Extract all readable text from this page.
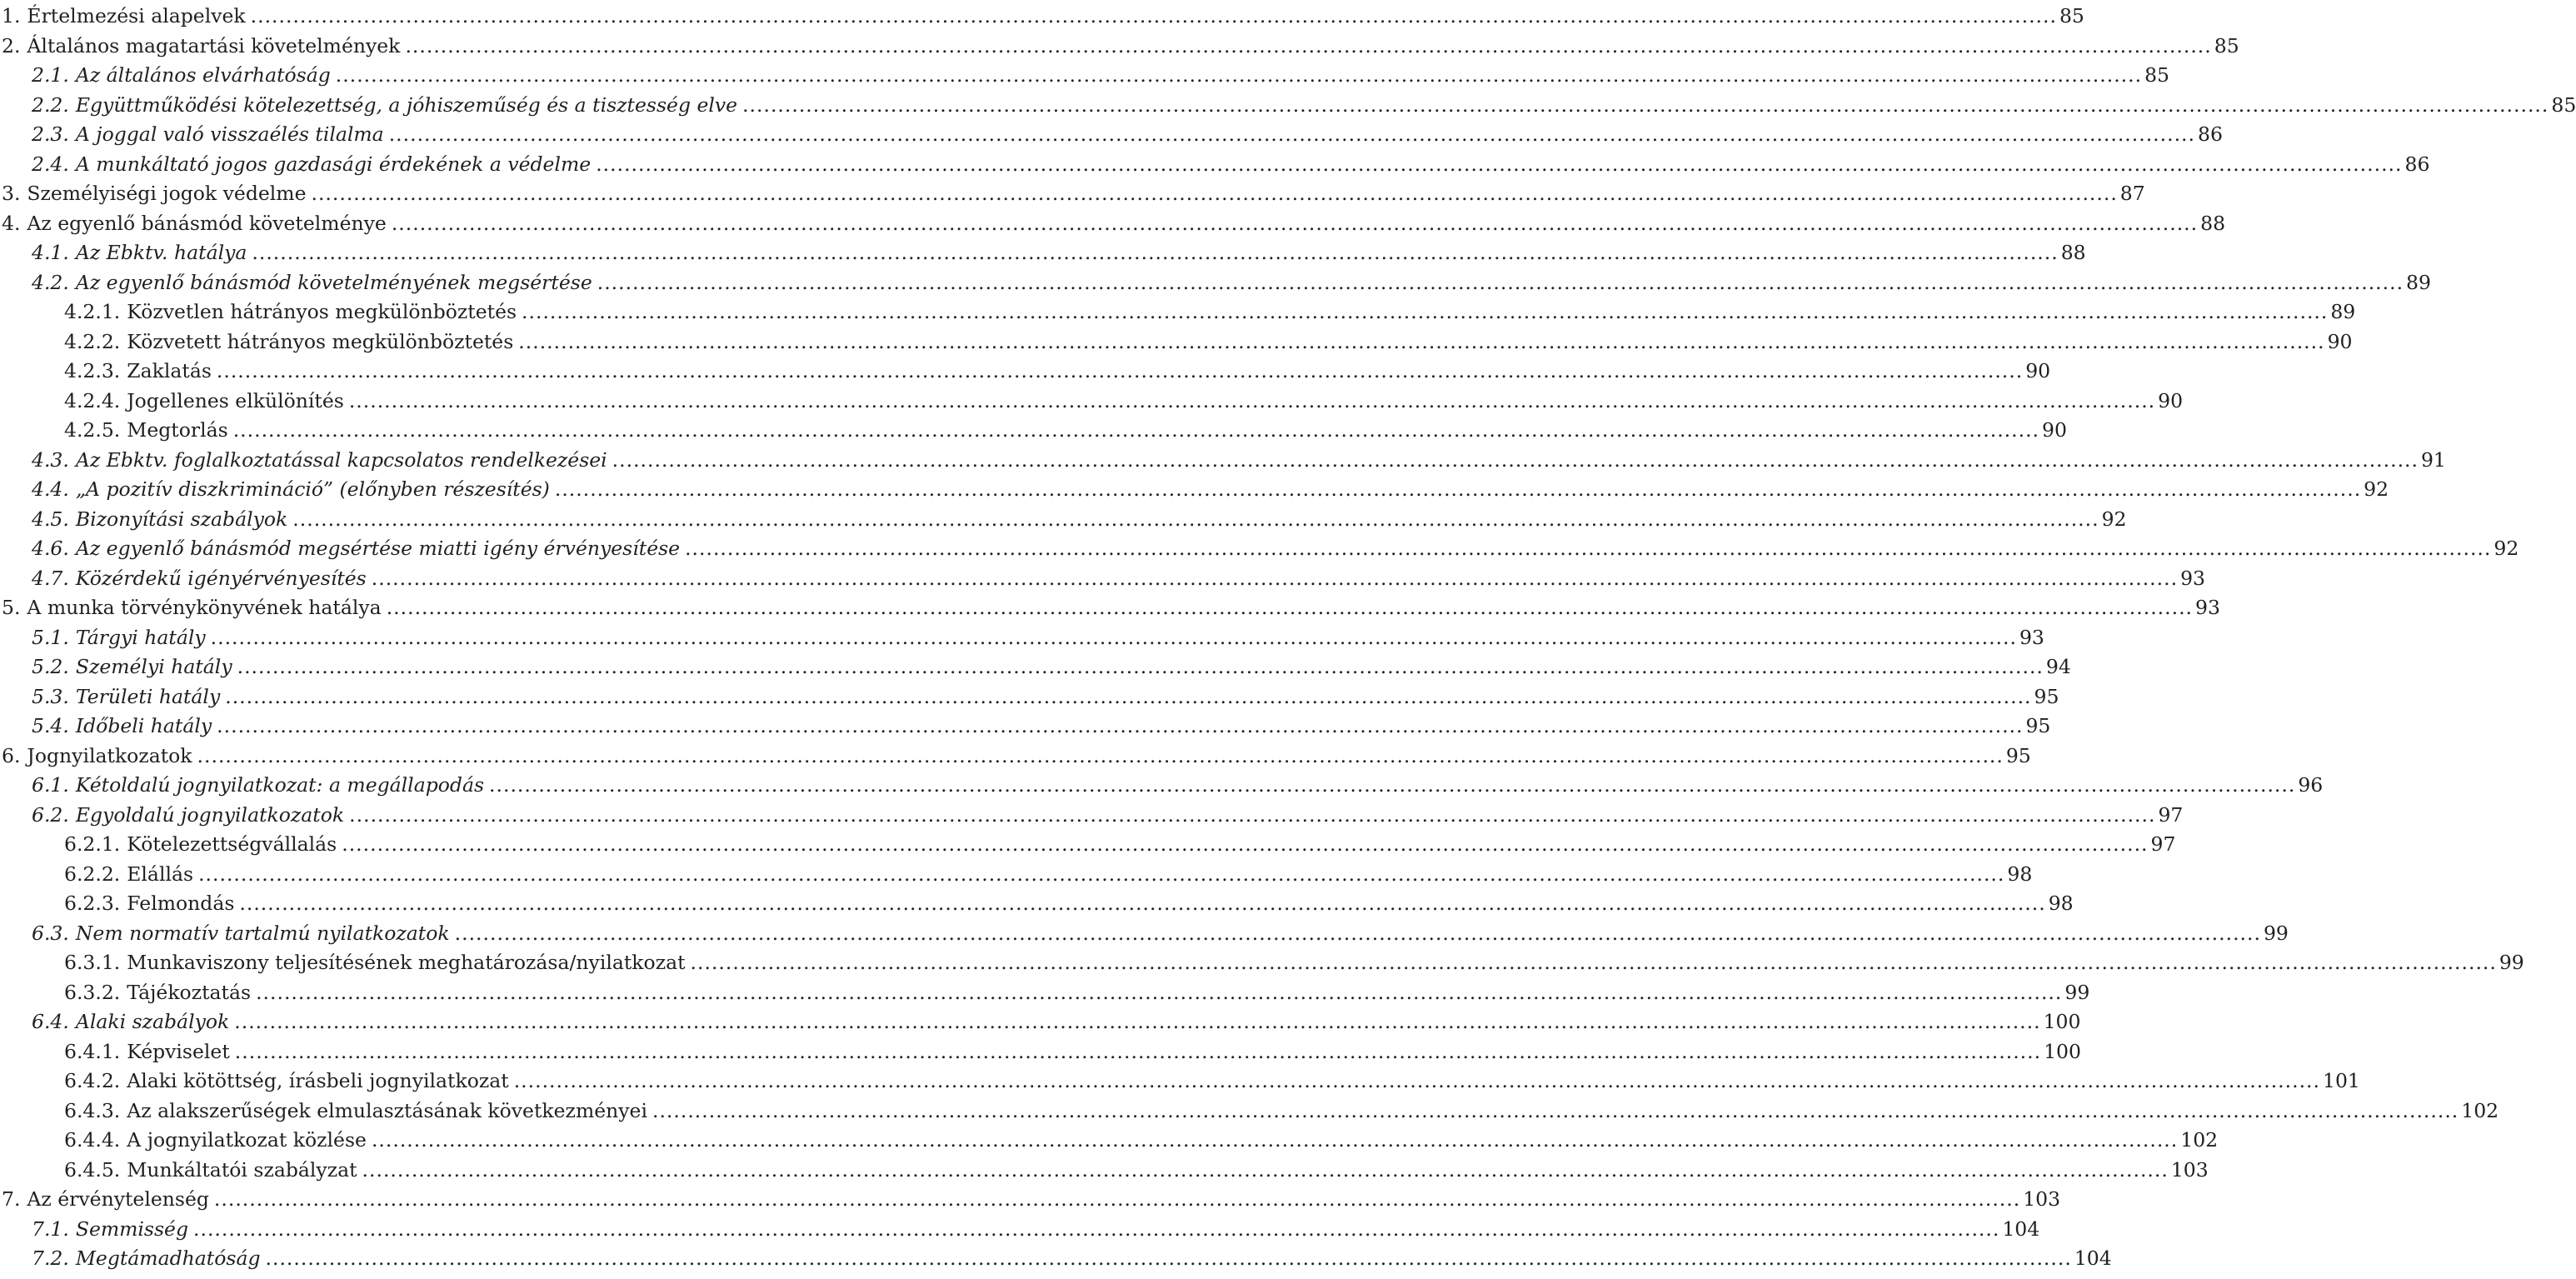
1. Értelmezési alapelvek .....	85
2. Általános magatartási követelmények .....	85
2.1. Az általános elvárhatóság .....	85
2.2. Együttműködési kötelezettség, a jóhiszeműség és a tisztesség elve .....	85
2.3. A joggal való visszaélés tilalma .....	86
2.4. A munkáltató jogos gazdasági érdekének a védelme .....	86
3. Személyiségi jogok védelme .....	87
4. Az egyenlő bánásmód követelménye .....	88
4.1. Az Ebktv. hatálya .....	88
4.2. Az egyenlő bánásmód követelményének megsértése .....	89
4.2.1. Közvetlen hátrányos megkülönböztetés .....	89
4.2.2. Közvetett hátrányos megkülönböztetés .....	90
4.2.3. Zaklatás .....	90
4.2.4. Jogellenes elkülönítés .....	90
4.2.5. Megtorlás .....	90
4.3. Az Ebktv. foglalkoztatással kapcsolatos rendelkezései .....	91
4.4. „A pozitív diszkrimináció” (előnyben részesítés) .....	92
4.5. Bizonyítási szabályok .....	92
4.6. Az egyenlő bánásmód megsértése miatti igény érvényesítése .....	92
4.7. Közérdekű igényérvényesítés .....	93
5. A munka törvénykönyvének hatálya .....	93
5.1. Tárgyi hatály .....	93
5.2. Személyi hatály .....	94
5.3. Területi hatály .....	95
5.4. Időbeli hatály .....	95
6. Jognyilatkozatok .....	95
6.1. Kétoldalú jognyilatkozat: a megállapodás .....	96
6.2. Egyoldalú jognyilatkozatok .....	97
6.2.1. Kötelezettségvállalás .....	97
6.2.2. Elállás .....	98
6.2.3. Felmondás .....	98
6.3. Nem normatív tartalmú nyilatkozatok .....	99
6.3.1. Munkaviszony teljesítésének meghatározása/nyilatkozat .....	99
6.3.2. Tájékoztatás .....	99
6.4. Alaki szabályok .....	100
6.4.1. Képviselet .....	100
6.4.2. Alaki kötöttség, írásbeli jognyilatkozat .....	101
6.4.3. Az alakszerűségek elmulasztásának következményei .....	102
6.4.4. A jognyilatkozat közlése .....	102
6.4.5. Munkáltatói szabályzat .....	103
7. Az érvénytelenség .....	103
7.1. Semmisség .....	104
7.2. Megtámadhatóság .....	104
